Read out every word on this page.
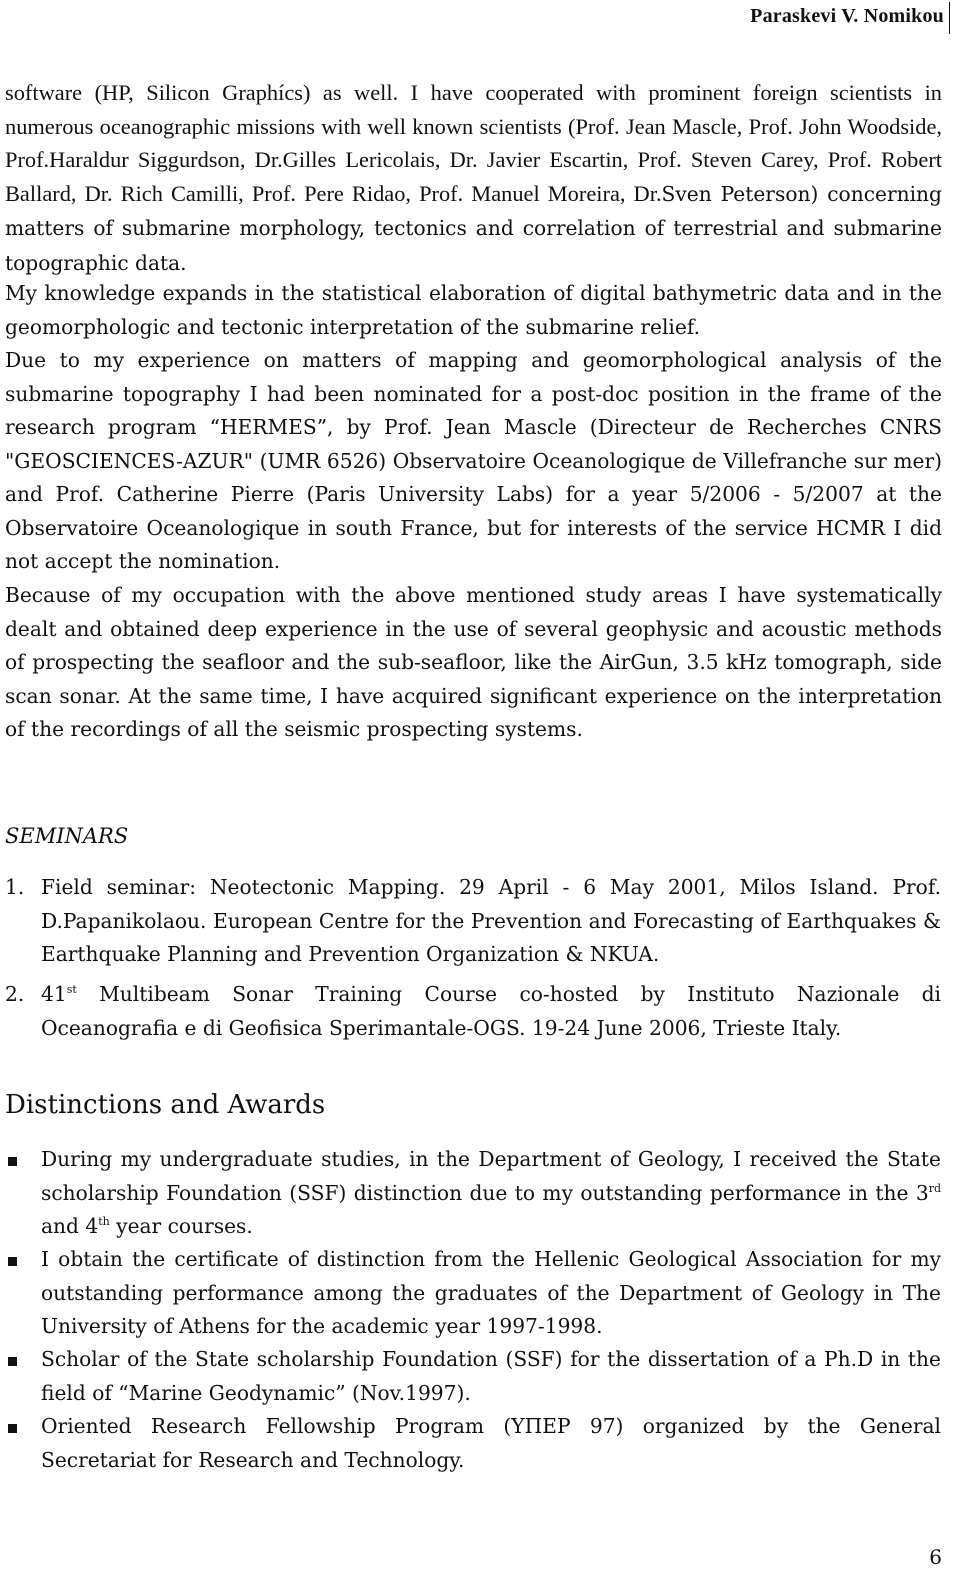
Paraskevi V. Nomikou
software (HP, Silicon Graphícs) as well. I have cooperated with prominent foreign scientists in numerous oceanographic missions with well known scientists (Prof. Jean Mascle, Prof. John Woodside, Prof.Haraldur Siggurdson, Dr.Gilles Lericolais, Dr. Javier Escartin, Prof. Steven Carey, Prof. Robert Ballard, Dr. Rich Camilli, Prof. Pere Ridao, Prof. Manuel Moreira, Dr.Sven Peterson) concerning matters of submarine morphology, tectonics and correlation of terrestrial and submarine topographic data.
My knowledge expands in the statistical elaboration of digital bathymetric data and in the geomorphologic and tectonic interpretation of the submarine relief.
Due to my experience on matters of mapping and geomorphological analysis of the submarine topography I had been nominated for a post-doc position in the frame of the research program “HERMES”, by Prof. Jean Mascle (Directeur de Recherches CNRS "GEOSCIENCES-AZUR" (UMR 6526) Observatoire Oceanologique de Villefranche sur mer) and Prof. Catherine Pierre (Paris University Labs) for a year 5/2006 - 5/2007 at the Observatoire Oceanologique in south France, but for interests of the service HCMR I did not accept the nomination.
Because of my occupation with the above mentioned study areas I have systematically dealt and obtained deep experience in the use of several geophysic and acoustic methods of prospecting the seafloor and the sub-seafloor, like the AirGun, 3.5 kHz tomograph, side scan sonar. At the same time, I have acquired significant experience on the interpretation of the recordings of all the seismic prospecting systems.
SEMINARS
1. Field seminar: Neotectonic Mapping. 29 April - 6 May 2001, Milos Island. Prof. D.Papanikolaou. European Centre for the Prevention and Forecasting of Earthquakes & Earthquake Planning and Prevention Organization & NKUA.
2. 41st Multibeam Sonar Training Course co-hosted by Instituto Nazionale di Oceanografia e di Geofisica Sperimantale-OGS. 19-24 June 2006, Trieste Italy.
Distinctions and Awards
During my undergraduate studies, in the Department of Geology, I received the State scholarship Foundation (SSF) distinction due to my outstanding performance in the 3rd and 4th year courses.
I obtain the certificate of distinction from the Hellenic Geological Association for my outstanding performance among the graduates of the Department of Geology in The University of Athens for the academic year 1997-1998.
Scholar of the State scholarship Foundation (SSF) for the dissertation of a Ph.D in the field of “Marine Geodynamic” (Nov.1997).
Oriented Research Fellowship Program (ΥΠΕΡ 97) organized by the General Secretariat for Research and Technology.
6
